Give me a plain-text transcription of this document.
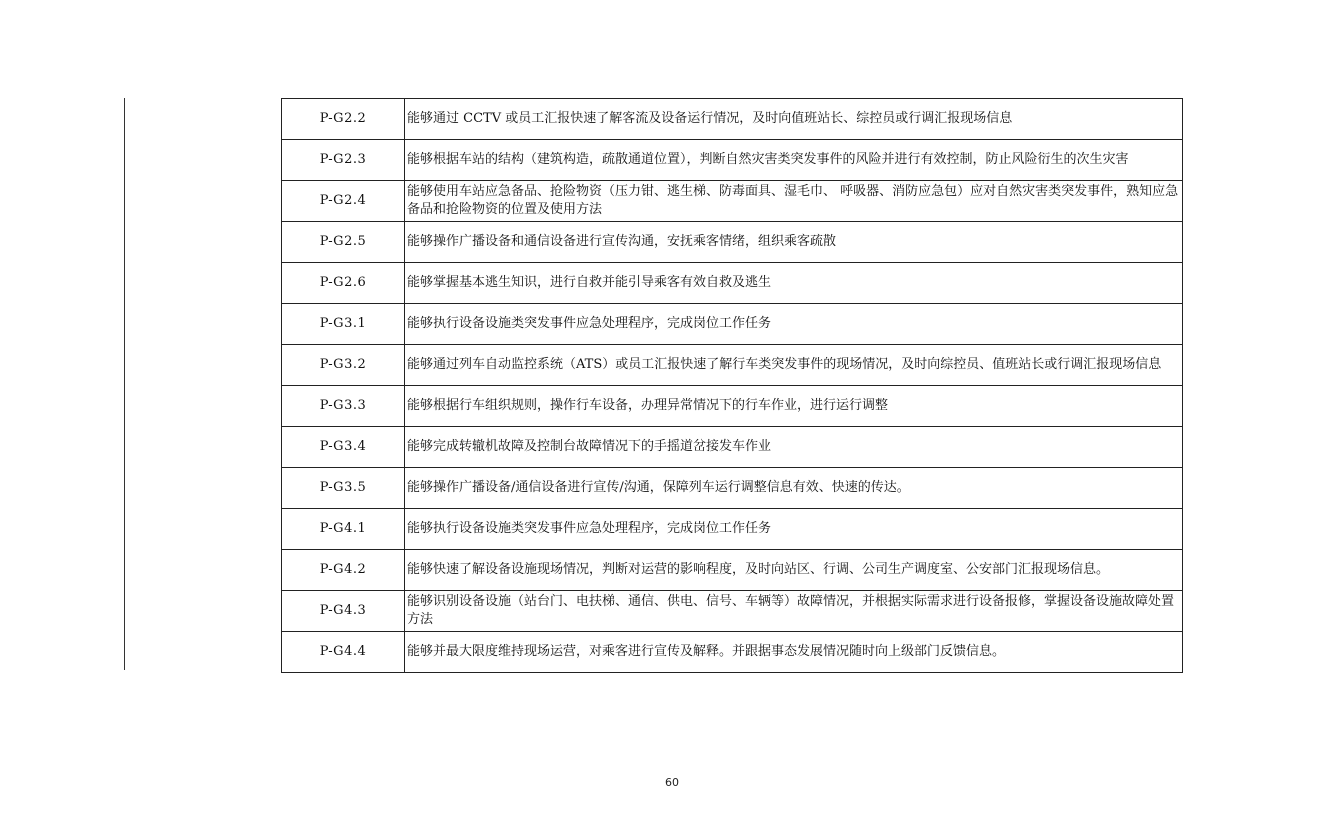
P-G2.2	能够通过 CCTV 或员工汇报快速了解客流及设备运行情况，及时向值班站长、综控员或行调汇报现场信息
P-G2.3	能够根据车站的结构（建筑构造，疏散通道位置），判断自然灾害类突发事件的风险并进行有效控制，防止风险衍生的次生灾害
P-G2.4	能够使用车站应急备品、抢险物资（压力钳、逃生梯、防毒面具、湿毛巾、 呼吸器、消防应急包）应对自然灾害类突发事件，熟知应急备品和抢险物资的位置及使用方法
P-G2.5	能够操作广播设备和通信设备进行宣传沟通，安抚乘客情绪，组织乘客疏散
P-G2.6	能够掌握基本逃生知识，进行自救并能引导乘客有效自救及逃生
P-G3.1	能够执行设备设施类突发事件应急处理程序，完成岗位工作任务
P-G3.2	能够通过列车自动监控系统（ATS）或员工汇报快速了解行车类突发事件的现场情况，及时向综控员、值班站长或行调汇报现场信息
P-G3.3	能够根据行车组织规则，操作行车设备，办理异常情况下的行车作业，进行运行调整
P-G3.4	能够完成转辙机故障及控制台故障情况下的手摇道岔接发车作业
P-G3.5	能够操作广播设备/通信设备进行宣传/沟通，保障列车运行调整信息有效、快速的传达。
P-G4.1	能够执行设备设施类突发事件应急处理程序，完成岗位工作任务
P-G4.2	能够快速了解设备设施现场情况，判断对运营的影响程度，及时向站区、行调、公司生产调度室、公安部门汇报现场信息。
P-G4.3	能够识别设备设施（站台门、电扶梯、通信、供电、信号、车辆等）故障情况，并根据实际需求进行设备报修，掌握设备设施故障处置方法
P-G4.4	能够并最大限度维持现场运营，对乘客进行宣传及解释。并跟据事态发展情况随时向上级部门反馈信息。
60
